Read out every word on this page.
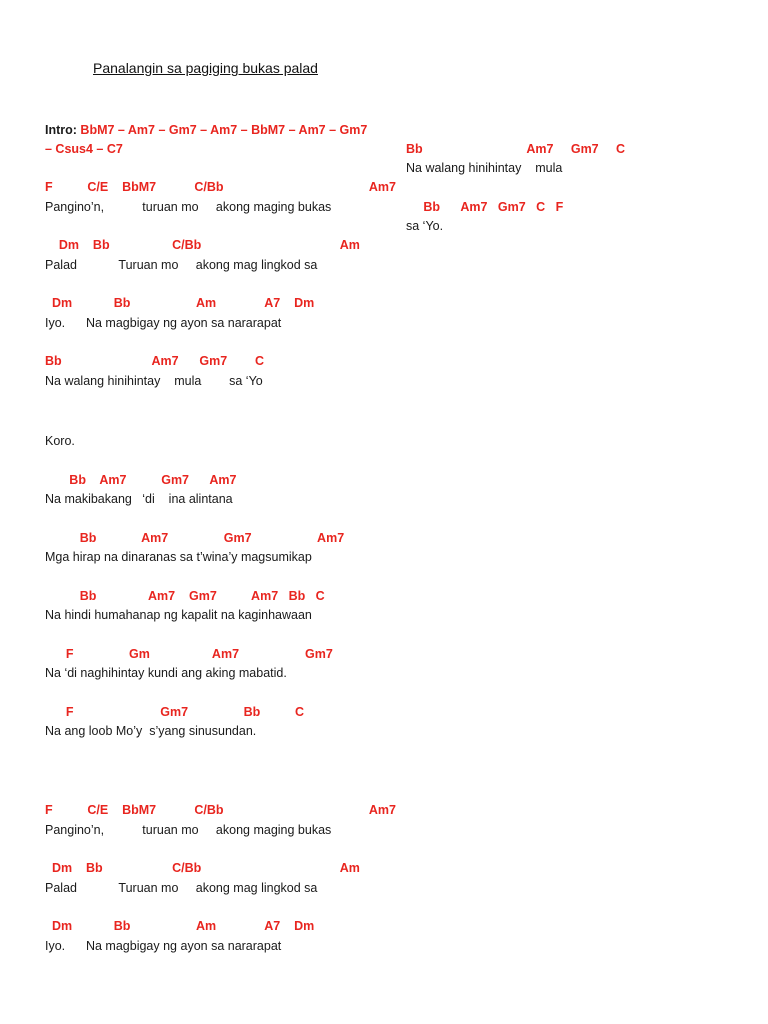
Panalangin sa pagiging bukas palad
Intro: BbM7 – Am7 – Gm7 – Am7 – BbM7 – Am7 – Gm7
– Csus4 – C7
F          C/E    BbM7           C/Bb                                          Am7
Pangino’n,           turuan mo     akong maging bukas
Dm    Bb                  C/Bb                                        Am
Palad            Turuan mo     akong mag lingkod sa
Dm            Bb                   Am              A7    Dm
Iyo.      Na magbigay ng ayon sa nararapat
Bb                          Am7      Gm7        C
Na walang hinihintay    mula        sa ‘Yo
Koro.
Bb    Am7          Gm7      Am7
Na makibakang   ‘di    ina alintana
Bb             Am7                Gm7                   Am7
Mga hirap na dinaranas sa t’wina’y magsumikap
Bb               Am7    Gm7          Am7   Bb   C
Na hindi humahanap ng kapalit na kaginhawaan
F                Gm                  Am7                   Gm7
Na ‘di naghihintay kundi ang aking mabatid.
F                         Gm7                Bb          C
Na ang loob Mo’y  s’yang sinusundan.
F          C/E    BbM7           C/Bb                                          Am7
Pangino’n,           turuan mo     akong maging bukas
Dm    Bb                    C/Bb                                        Am
Palad            Turuan mo     akong mag lingkod sa
Dm            Bb                   Am              A7    Dm
Iyo.      Na magbigay ng ayon sa nararapat
Bb                              Am7     Gm7     C
Na walang hinihintay    mula
Bb      Am7   Gm7   C   F
sa ‘Yo.
